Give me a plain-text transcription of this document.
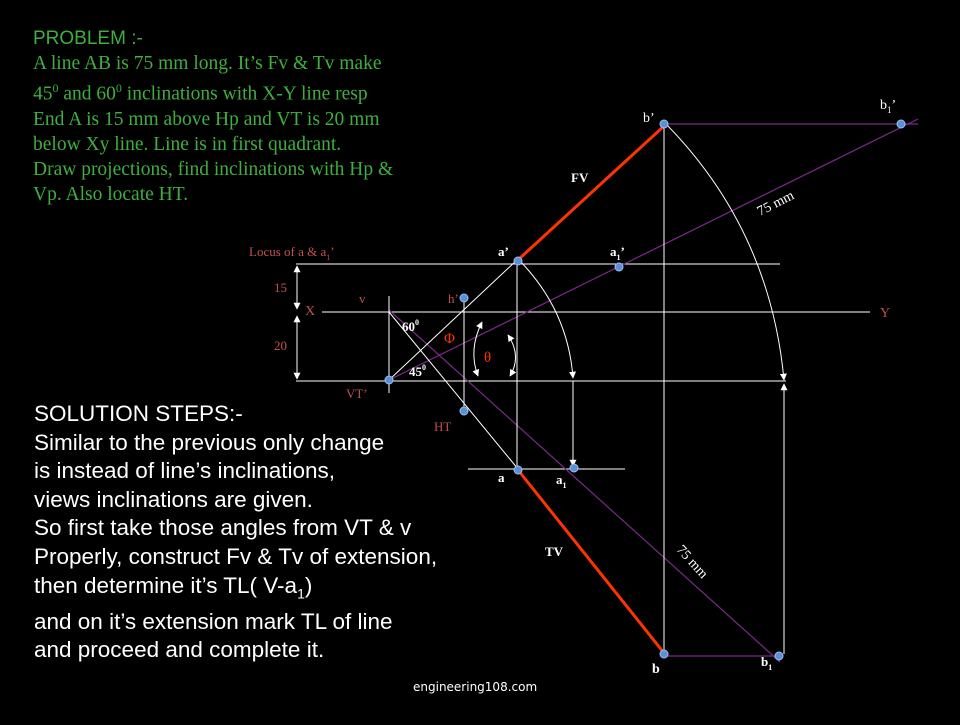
b’
$b_1$’
FV
75 mm
Locus of a & $a_1$’	a’	$a_1$’
15
20
X	Y
v	h’
$60^0$
Φ
θ
$45^0$
VT’
HT
a	$a_1$
TV	75 mm
b
$b_1$
PROBLEM :-
A line AB is 75 mm long. It’s Fv & Tv make
$45^0$ and $60^0$ inclinations with X-Y line resp
End A is 15 mm above Hp and VT is 20 mm
below Xy line. Line is in first quadrant.
Draw projections, find inclinations with Hp &
Vp. Also locate HT.
SOLUTION STEPS:-
Similar to the previous only change
is instead of line’s inclinations,
views inclinations are given.
So first take those angles from VT & v
Properly, construct Fv & Tv of extension,
then determine it’s TL( $V-a_1$)
and on it’s extension mark TL of line
and proceed and complete it.
engineering108.com
